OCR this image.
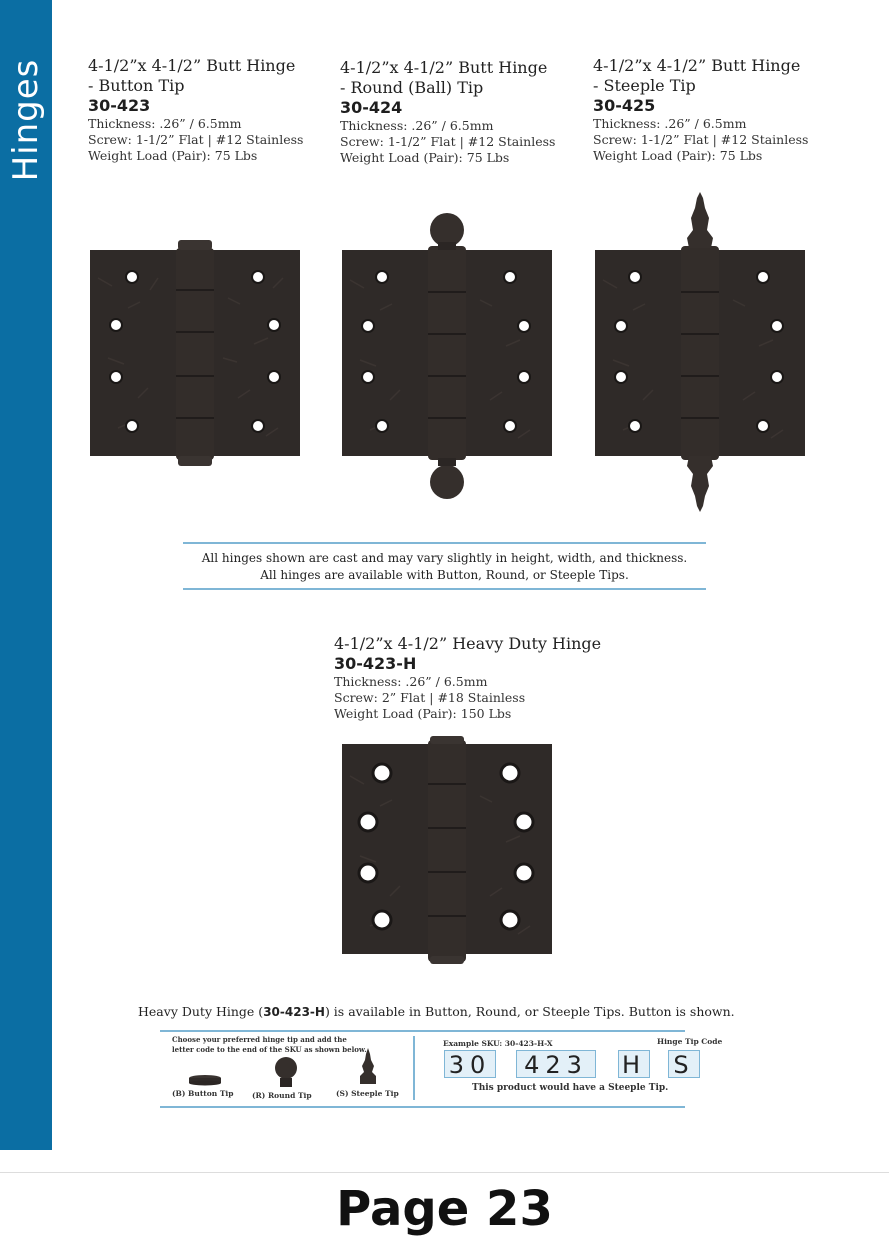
Hinges	4-1/2”x 4-1/2” Butt Hinge
- Button Tip
30-423
Thickness: .26” / 6.5mm
Screw: 1-1/2” Flat | #12 Stainless
Weight Load (Pair): 75 Lbs
4-1/2”x 4-1/2” Butt Hinge
- Round (Ball) Tip
30-424
Thickness: .26” / 6.5mm
Screw: 1-1/2” Flat | #12 Stainless
Weight Load (Pair): 75 Lbs
4-1/2”x 4-1/2” Butt Hinge
- Steeple Tip
30-425
Thickness: .26” / 6.5mm
Screw: 1-1/2” Flat | #12 Stainless
Weight Load (Pair): 75 Lbs
All hinges shown are cast and may vary slightly in height, width, and thickness.
All hinges are available with Button, Round, or Steeple Tips.
4-1/2”x 4-1/2” Heavy Duty Hinge
30-423-H
Thickness: .26” / 6.5mm
Screw: 2” Flat | #18 Stainless
Weight Load (Pair): 150 Lbs
Heavy Duty Hinge (30-423-H) is available in Button, Round, or Steeple Tips. Button is shown.
Choose your preferred hinge tip and add the
letter code to the end of the SKU as shown below.
(B) Button Tip (R) Round Tip	(S) Steeple Tip
Example SKU: 30-423-H-X	Hinge Tip Code
30	423	H S
This product would have a Steeple Tip.
Page 23
